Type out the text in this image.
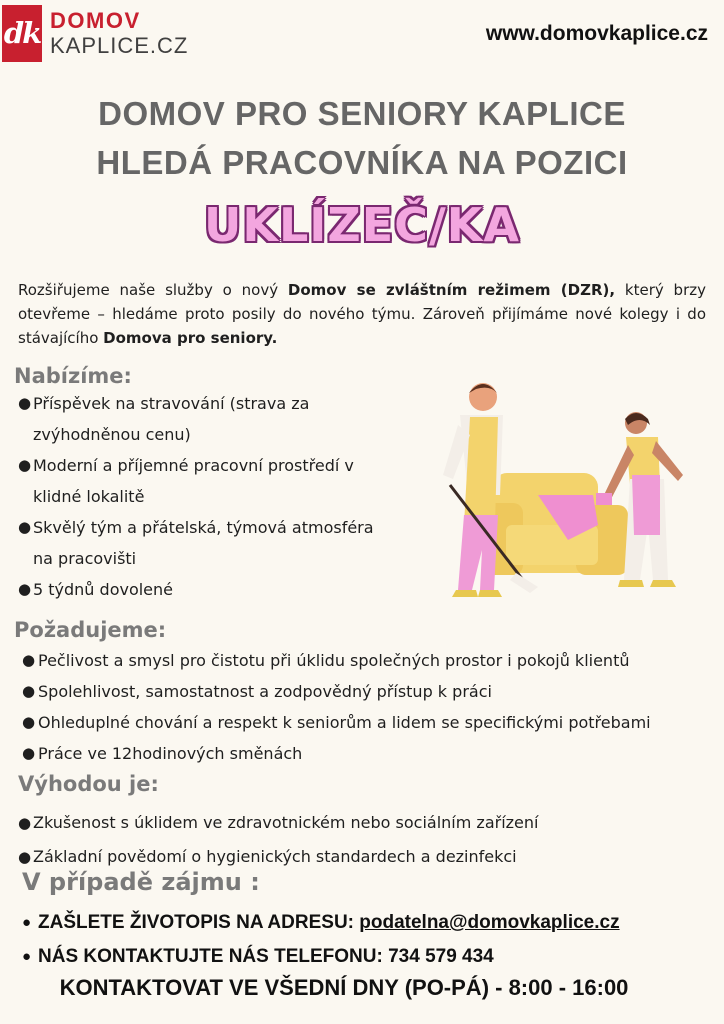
dk DOMOV
KAPLICE.CZ	www.domovkaplice.cz
DOMOV PRO SENIORY KAPLICE
HLEDÁ PRACOVNÍKA NA POZICI
UKLÍZEČ/KA

Rozšiřujeme naše služby o nový Domov se zvláštním režimem (DZR), který brzy otevřeme – hledáme proto posily do nového týmu. Zároveň přijímáme nové kolegy i do stávajícího Domova pro seniory.

Nabízíme:
● Příspěvek na stravování (strava za zvýhodněnou cenu)
● Moderní a příjemné pracovní prostředí v klidné lokalitě
● Skvělý tým a přátelská, týmová atmosféra na pracovišti
● 5 týdnů dovolené
Požadujeme:
● Pečlivost a smysl pro čistotu při úklidu společných prostor i pokojů klientů
● Spolehlivost, samostatnost a zodpovědný přístup k práci
● Ohleduplné chování a respekt k seniorům a lidem se specifickými potřebami
● Práce ve 12hodinových směnách
Výhodou je:
● Zkušenost s úklidem ve zdravotnickém nebo sociálním zařízení
● Základní povědomí o hygienických standardech a dezinfekci
V případě zájmu :
● ZAŠLETE ŽIVOTOPIS NA ADRESU: podatelna@domovkaplice.cz
● NÁS KONTAKTUJTE NÁS TELEFONU: 734 579 434
KONTAKTOVAT VE VŠEDNÍ DNY (PO-PÁ) - 8:00 - 16:00
